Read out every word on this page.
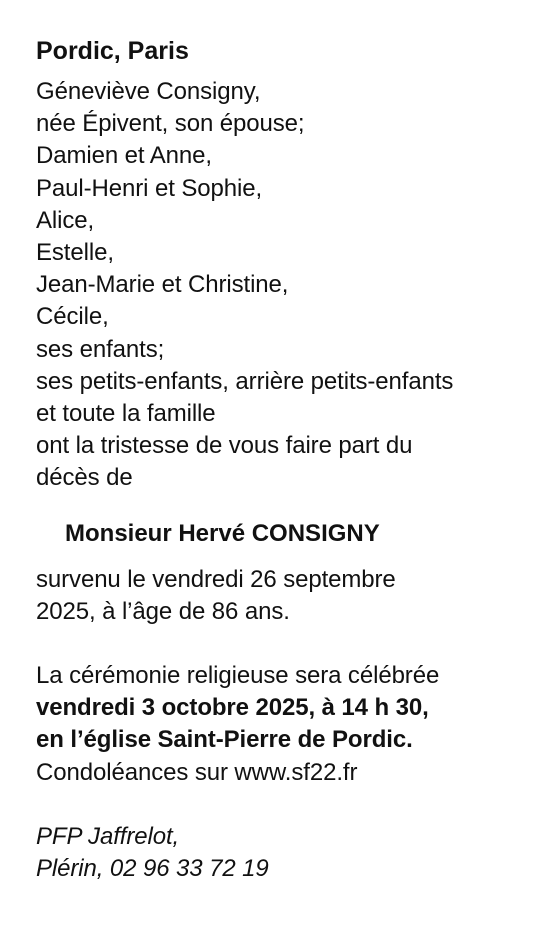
Pordic, Paris
Géneviève Consigny,
née Épivent, son épouse;
Damien et Anne,
Paul-Henri et Sophie,
Alice,
Estelle,
Jean-Marie et Christine,
Cécile,
ses enfants;
ses petits-enfants, arrière petits-enfants
et toute la famille
ont la tristesse de vous faire part du
décès de
Monsieur Hervé CONSIGNY
survenu le vendredi 26 septembre
2025, à l’âge de 86 ans.
La cérémonie religieuse sera célébrée
vendredi 3 octobre 2025, à 14 h 30,
en l’église Saint-Pierre de Pordic.
Condoléances sur www.sf22.fr
PFP Jaffrelot,
Plérin, 02 96 33 72 19
